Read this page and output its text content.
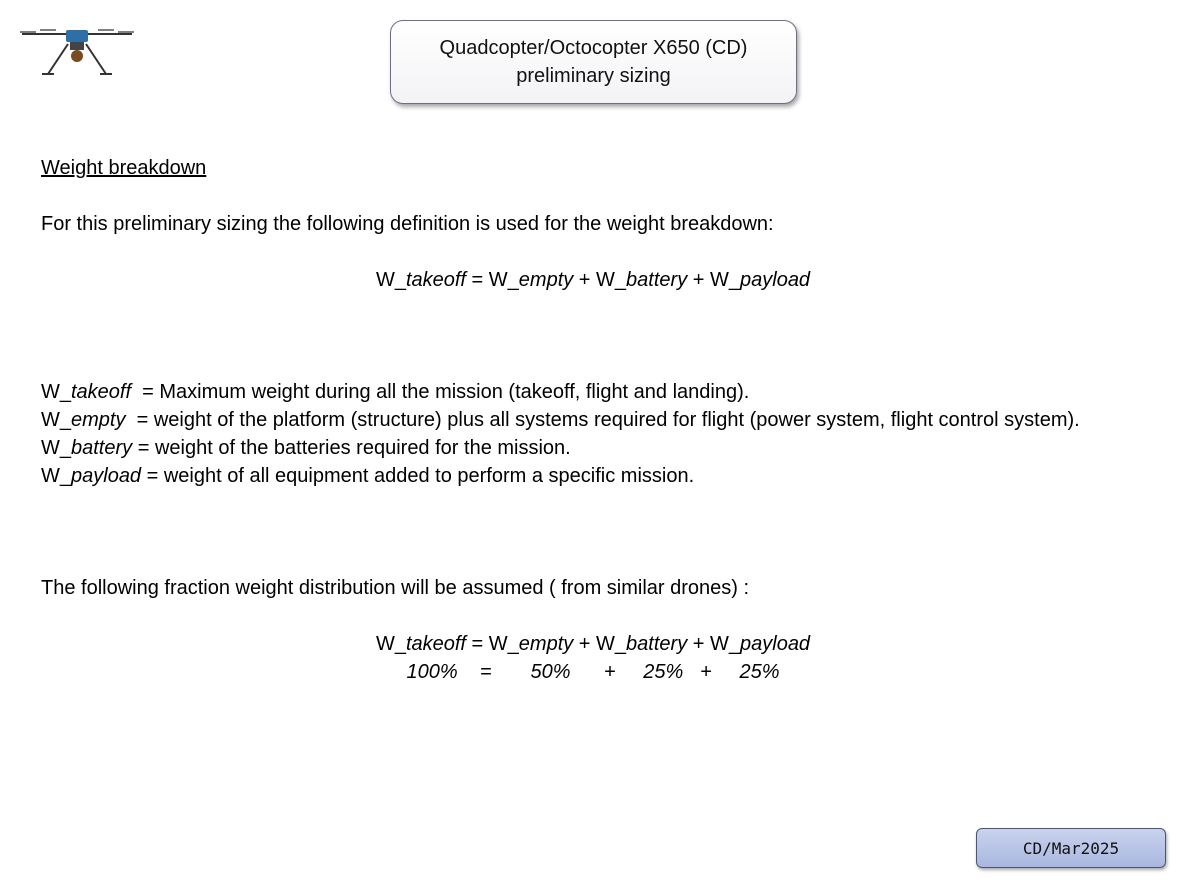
Quadcopter/Octocopter X650 (CD)
preliminary sizing
Weight breakdown
For this preliminary sizing the following definition is used for the weight breakdown:
W_takeoff = W_empty + W_battery + W_payload
W_takeoff  = Maximum weight during all the mission (takeoff, flight and landing).
W_empty  = weight of the platform (structure) plus all systems required for flight (power system, flight control system).
W_battery = weight of the batteries required for the mission.
W_payload = weight of all equipment added to perform a specific mission.
The following fraction weight distribution will be assumed ( from similar drones) :
W_takeoff = W_empty + W_battery + W_payload
100%    =       50%      +     25%   +     25%
CD/Mar2025
